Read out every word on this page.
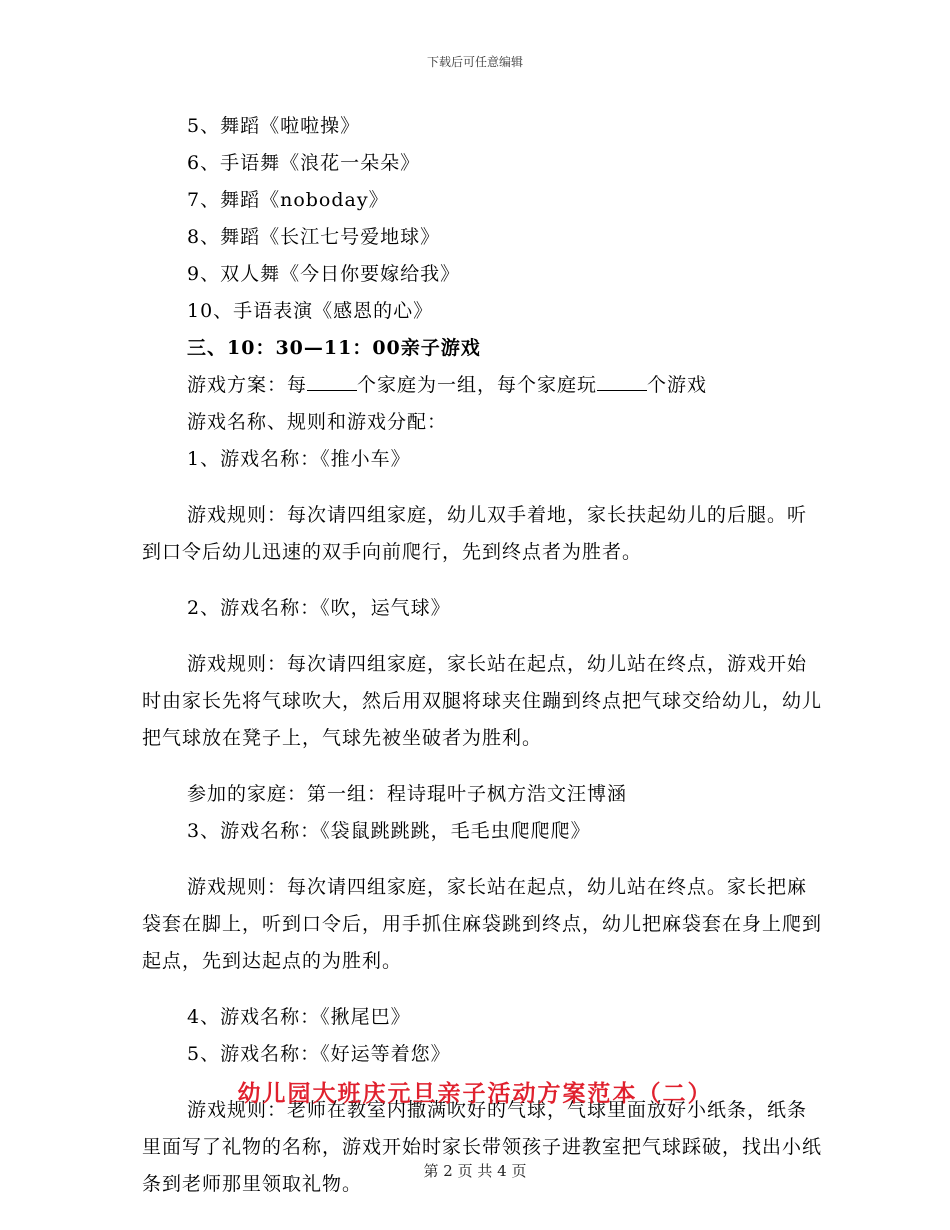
下载后可任意编辑

5、舞蹈《啦啦操》

6、手语舞《浪花一朵朵》

7、舞蹈《noboday》

8、舞蹈《长江七号爱地球》

9、双人舞《今日你要嫁给我》

10、手语表演《感恩的心》

三、10：30—11：00亲子游戏

游戏方案：每	个家庭为一组，每个家庭玩	个游戏

游戏名称、规则和游戏分配：

1、游戏名称：《推小车》

游戏规则：每次请四组家庭，幼儿双手着地，家长扶起幼儿的后腿。听到口令后幼儿迅速的双手向前爬行，先到终点者为胜者。

2、游戏名称：《吹，运气球》

游戏规则：每次请四组家庭，家长站在起点，幼儿站在终点，游戏开始时由家长先将气球吹大，然后用双腿将球夹住蹦到终点把气球交给幼儿，幼儿把气球放在凳子上，气球先被坐破者为胜利。

参加的家庭：第一组：程诗琨叶子枫方浩文汪博涵

3、游戏名称：《袋鼠跳跳跳，毛毛虫爬爬爬》

游戏规则：每次请四组家庭，家长站在起点，幼儿站在终点。家长把麻袋套在脚上，听到口令后，用手抓住麻袋跳到终点，幼儿把麻袋套在身上爬到起点，先到达起点的为胜利。

4、游戏名称：《揪尾巴》

5、游戏名称：《好运等着您》

游戏规则：老师在教室内撒满吹好的气球，气球里面放好小纸条，纸条里面写了礼物的名称，游戏开始时家长带领孩子进教室把气球踩破，找出小纸条到老师那里领取礼物。

幼儿园大班庆元旦亲子活动方案范本（二）
第 2 页 共 4 页
